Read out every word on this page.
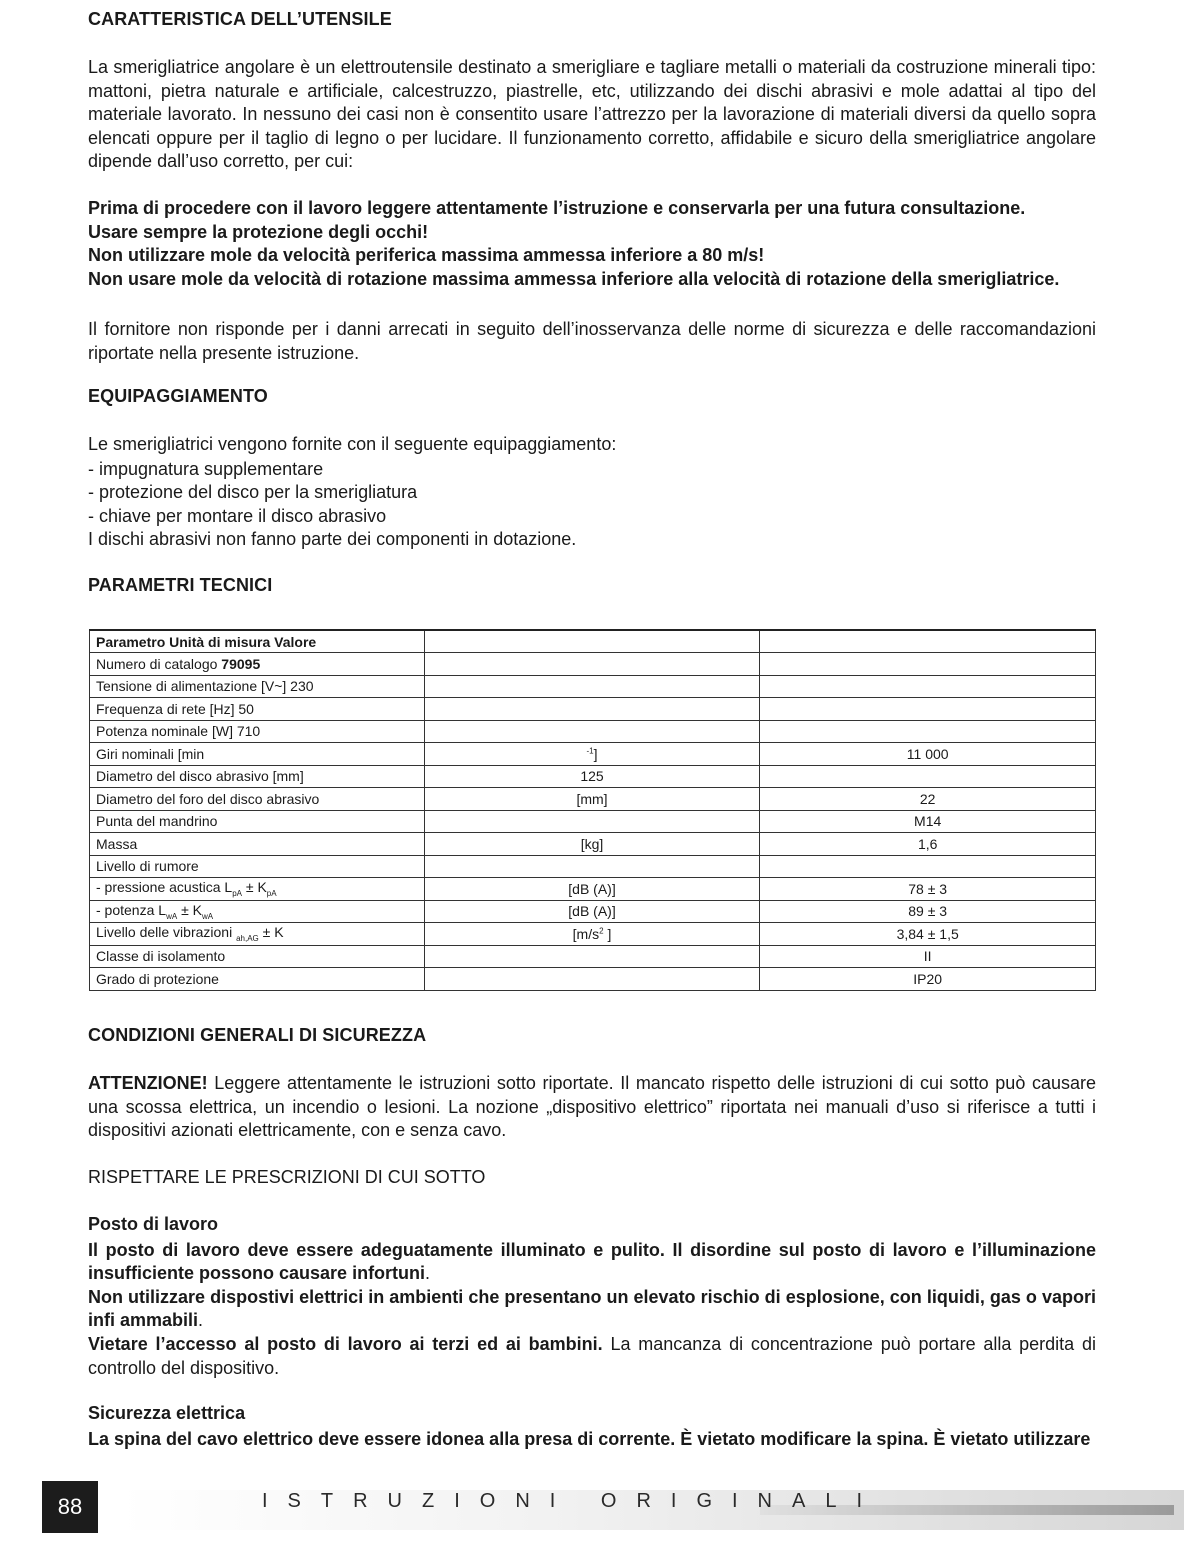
CARATTERISTICA DELL’UTENSILE
La smerigliatrice angolare è un elettroutensile destinato a smerigliare e tagliare metalli o materiali da costruzione minerali tipo: mattoni, pietra naturale e artificiale, calcestruzzo, piastrelle, etc, utilizzando dei dischi abrasivi e mole adattai al tipo del materiale lavorato. In nessuno dei casi non è consentito usare l’attrezzo per la lavorazione di materiali diversi da quello sopra elencati oppure per il taglio di legno o per lucidare. Il funzionamento corretto, affidabile e sicuro della smerigliatrice angolare dipende dall’uso corretto, per cui:
Prima di procedere con il lavoro leggere attentamente l’istruzione e conservarla per una futura consultazione.
Usare sempre la protezione degli occhi!
Non utilizzare mole da velocità periferica massima ammessa inferiore a 80 m/s!
Non usare mole da velocità di rotazione massima ammessa inferiore alla velocità di rotazione della smerigliatrice.
Il fornitore non risponde per i danni arrecati in seguito dell’inosservanza delle norme di sicurezza e delle raccomandazioni riportate nella presente istruzione.
EQUIPAGGIAMENTO
Le smerigliatrici vengono fornite con il seguente equipaggiamento:
- impugnatura supplementare
- protezione del disco per la smerigliatura
- chiave per montare il disco abrasivo
I dischi abrasivi non fanno parte dei componenti in dotazione.
PARAMETRI TECNICI
Parametro Unità di misura Valore		
Numero di catalogo 79095		
Tensione di alimentazione [V~] 230		
Frequenza di rete [Hz] 50		
Potenza nominale [W] 710		
Giri nominali [min	$^{-1}$]	11 000
Diametro del disco abrasivo [mm]	125	
Diametro del foro del disco abrasivo	[mm]	22
Punta del mandrino		M14
Massa	[kg]	1,6
Livello di rumore		
- pressione acustica $L_{pA} \pm K_{pA}$	[dB (A)]	78 ± 3
- potenza $L_{wA} \pm K_{wA}$	[dB (A)]	89 ± 3
Livello delle vibrazioni $_{ah,AG}$ ± K	[$m/s^2$ ]	3,84 ± 1,5
Classe di isolamento		II
Grado di protezione		IP20
CONDIZIONI GENERALI DI SICUREZZA
ATTENZIONE! Leggere attentamente le istruzioni sotto riportate. Il mancato rispetto delle istruzioni di cui sotto può causare una scossa elettrica, un incendio o lesioni. La nozione „dispositivo elettrico” riportata nei manuali d’uso si riferisce a tutti i dispositivi azionati elettricamente, con e senza cavo.
RISPETTARE LE PRESCRIZIONI DI CUI SOTTO
Posto di lavoro
Il posto di lavoro deve essere adeguatamente illuminato e pulito. Il disordine sul posto di lavoro e l’illuminazione insufficiente possono causare infortuni.
Non utilizzare dispostivi elettrici in ambienti che presentano un elevato rischio di esplosione, con liquidi, gas o vapori infi ammabili.
Vietare l’accesso al posto di lavoro ai terzi ed ai bambini. La mancanza di concentrazione può portare alla perdita di controllo del dispositivo.
Sicurezza elettrica
La spina del cavo elettrico deve essere idonea alla presa di corrente. È vietato modificare la spina. È vietato utilizzare
88	ISTRUZIONI ORIGINALI
